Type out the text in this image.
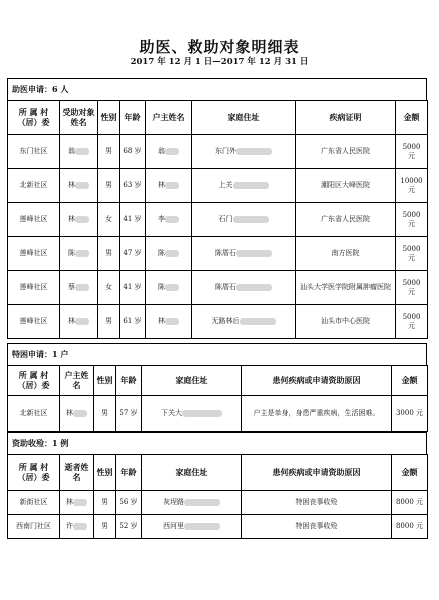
助医、救助对象明细表
2017 年 12 月 1 日—2017 年 12 月 31 日
助医申请：6 人
所 属 村（居）委	受助对象姓名	性别	年龄	户主姓名	家庭住址	疾病证明	金额
东门社区	翁	男	68 岁	翁	东门外	广东省人民医院	5000 元
北新社区	林	男	63 岁	林	上关	潮阳区大峰医院	10000 元
莲峰社区	林	女	41 岁	李	石门	广东省人民医院	5000 元
莲峰社区	陈	男	47 岁	陈	陈厝石	南方医院	5000 元
莲峰社区	蔡	女	41 岁	陈	陈厝石	汕头大学医学院附属肿瘤医院	5000 元
莲峰社区	林	男	61 岁	林	无路林后	汕头市中心医院	5000 元
特困申请：1 户
所 属 村（居）委	户主姓名	性别	年龄	家庭住址	患何疾病或申请资助原因	金额
北新社区	林	男	57 岁	下关大	户主是单身，身患严重疾病，生活困难。	3000 元
资助收殓：1 例
所 属 村（居）委	逝者姓名	性别	年龄	家庭住址	患何疾病或申请资助原因	金额
新街社区	林	男	56 岁	灰埕路	特困丧事收殓	8000 元
西南门社区	许	男	52 岁	西河里	特困丧事收殓	8000 元
